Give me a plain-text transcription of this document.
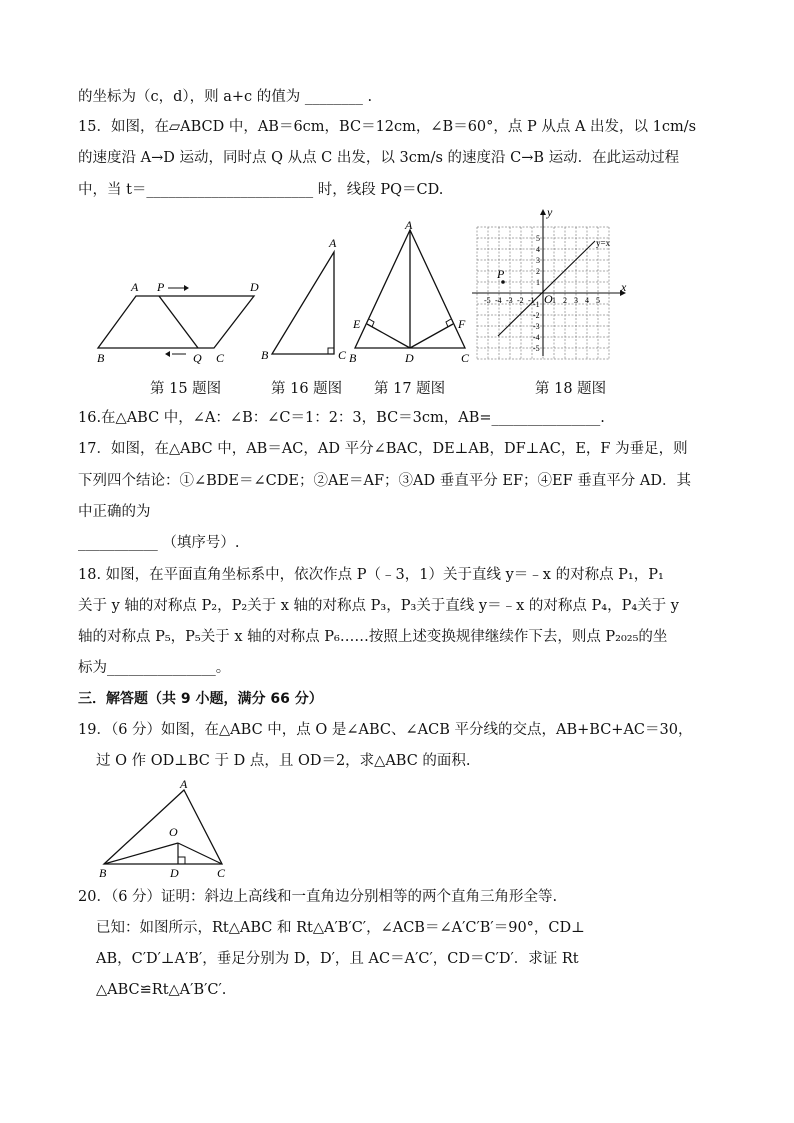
的坐标为（c，d），则 a+c 的值为 ________ .
15．如图，在▱ABCD 中，AB＝6cm，BC＝12cm，∠B＝60°，点 P 从点 A 出发，以 1cm/s
的速度沿 A→D 运动，同时点 Q 从点 C 出发，以 3cm/s 的速度沿 C→B 运动．在此运动过程
中，当 t＝_______________________ 时，线段 PQ＝CD.
A P	D
B	Q C
A
B	C
A
E	F
B	D	C
x
y
y=x
P
O
-5 -4 -3 -2 -1 1 2 3 4 5
5
4
3
2
1
-1
-2
-3
-4
-5
第 15 题图	第 16 题图 第 17 题图	第 18 题图
16.在△ABC 中，∠A：∠B：∠C＝1：2：3，BC＝3cm，AB=_______________.
17．如图，在△ABC 中，AB＝AC，AD 平分∠BAC，DE⊥AB，DF⊥AC，E，F 为垂足，则
下列四个结论：①∠BDE＝∠CDE；②AE＝AF；③AD 垂直平分 EF；④EF 垂直平分 AD．其
中正确的为
___________ （填序号）.
18. 如图，在平面直角坐标系中，依次作点 P（﹣3，1）关于直线 y＝﹣x 的对称点 P₁，P₁
关于 y 轴的对称点 P₂，P₂关于 x 轴的对称点 P₃，P₃关于直线 y＝﹣x 的对称点 P₄，P₄关于 y
轴的对称点 P₅，P₅关于 x 轴的对称点 P₆……按照上述变换规律继续作下去，则点 P₂₀₂₅的坐
标为_______________。
三．解答题（共 9 小题，满分 66 分）
19．（6 分）如图，在△ABC 中，点 O 是∠ABC、∠ACB 平分线的交点，AB+BC+AC＝30，
过 O 作 OD⊥BC 于 D 点，且 OD＝2，求△ABC 的面积.
A
O
B	D	C
20．（6 分）证明：斜边上高线和一直角边分别相等的两个直角三角形全等.
已知：如图所示，Rt△ABC 和 Rt△A′B′C′，∠ACB＝∠A′C′B′＝90°，CD⊥
AB，C′D′⊥A′B′，垂足分别为 D，D′，且 AC＝A′C′，CD＝C′D′．求证 Rt
△ABC≌Rt△A′B′C′.
